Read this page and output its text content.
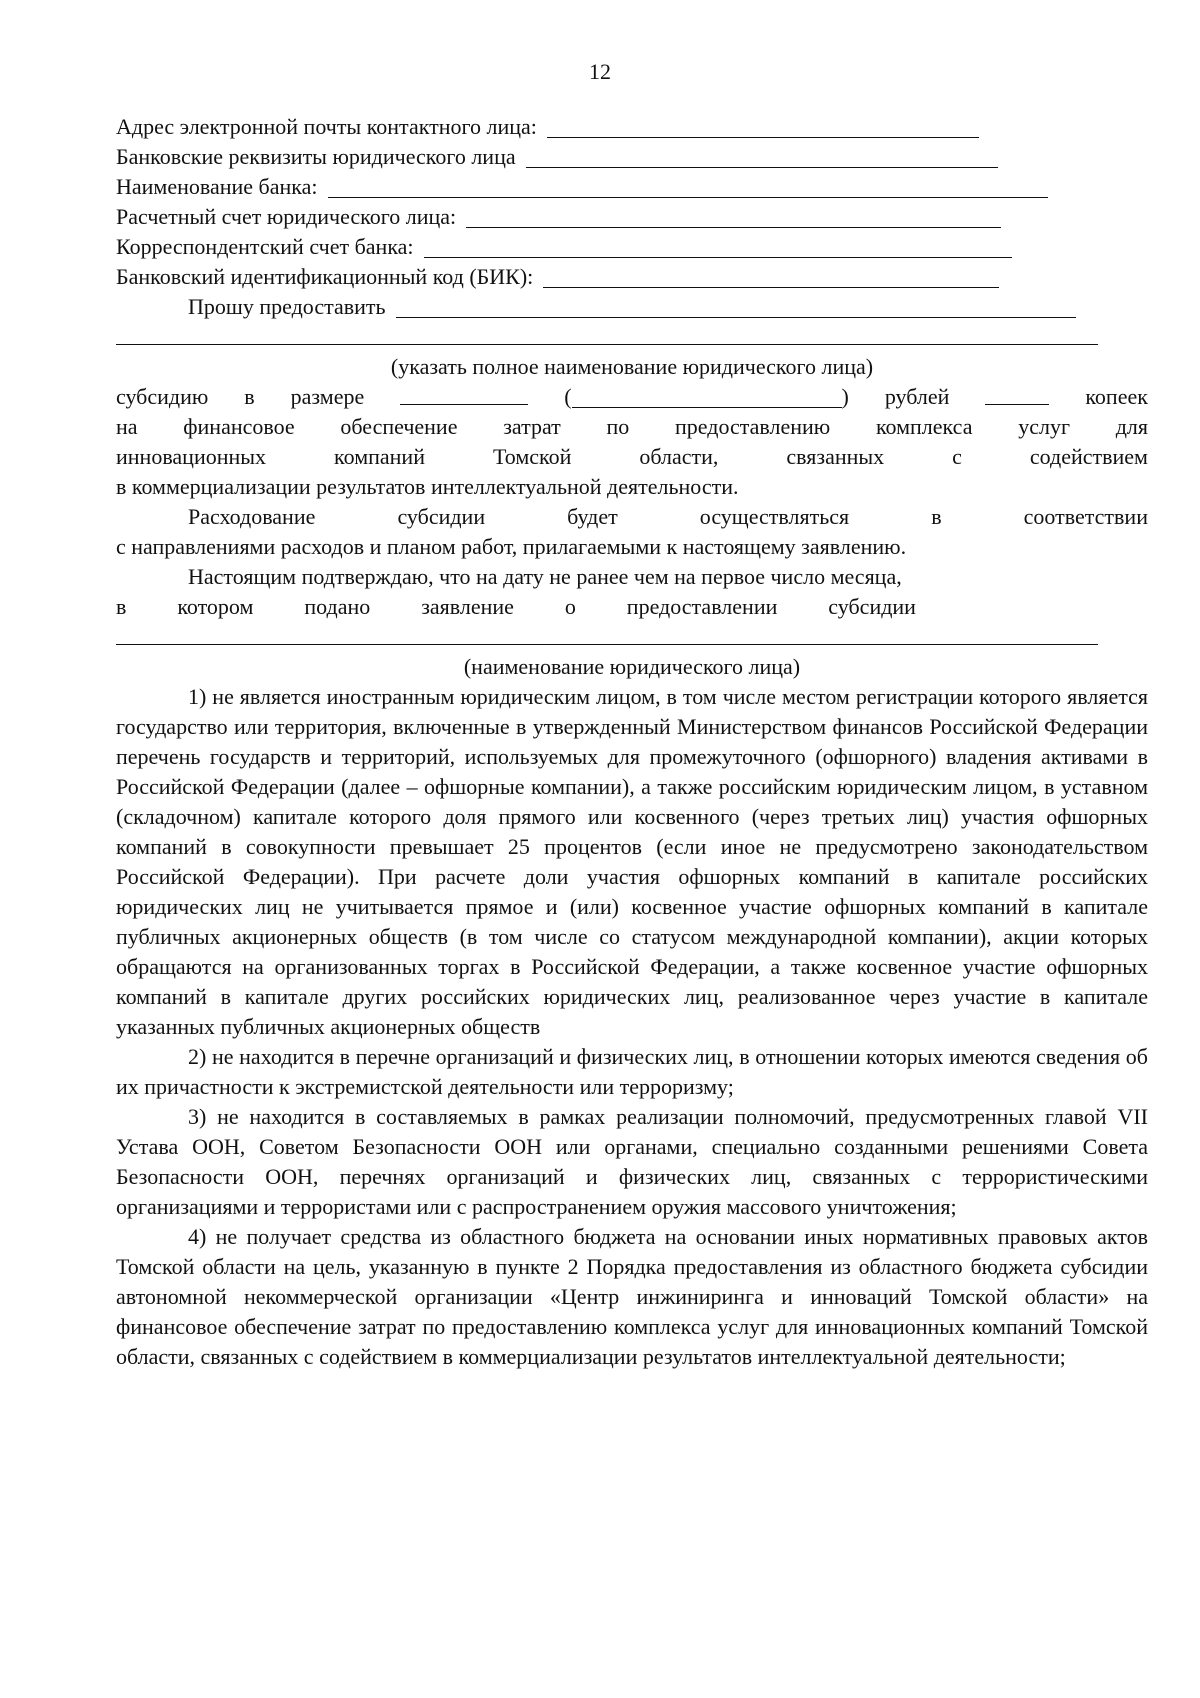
12
Адрес электронной почты контактного лица:
Банковские реквизиты юридического лица
Наименование банка:
Расчетный счет юридического лица:
Корреспондентский счет банка:
Банковский идентификационный код (БИК):
Прошу предоставить
(указать полное наименование юридического лица)
субсидию в размере	(	) рублей	копеек
на финансовое обеспечение затрат по предоставлению комплекса услуг для
инновационных	компаний	Томской	области,	связанных	с	содействием
в коммерциализации результатов интеллектуальной деятельности.
Расходование	субсидии	будет	осуществляться	в	соответствии
с направлениями расходов и планом работ, прилагаемыми к настоящему заявлению.
Настоящим подтверждаю, что на дату не ранее чем на первое число месяца,
в котором подано заявление о предоставлении субсидии
(наименование юридического лица)

1) не является иностранным юридическим лицом, в том числе местом регистрации которого является государство или территория, включенные в утвержденный Министерством финансов Российской Федерации перечень государств и территорий, используемых для промежуточного (офшорного) владения активами в Российской Федерации (далее – офшорные компании), а также российским юридическим лицом, в уставном (складочном) капитале которого доля прямого или косвенного (через третьих лиц) участия офшорных компаний в совокупности превышает 25 процентов (если иное не предусмотрено законодательством Российской Федерации). При расчете доли участия офшорных компаний в капитале российских юридических лиц не учитывается прямое и (или) косвенное участие офшорных компаний в капитале публичных акционерных обществ (в том числе со статусом международной компании), акции которых обращаются на организованных торгах в Российской Федерации, а также косвенное участие офшорных компаний в капитале других российских юридических лиц, реализованное через участие в капитале указанных публичных акционерных обществ

2) не находится в перечне организаций и физических лиц, в отношении которых имеются сведения об их причастности к экстремистской деятельности или терроризму;

3) не находится в составляемых в рамках реализации полномочий, предусмотренных главой VII Устава ООН, Советом Безопасности ООН или органами, специально созданными решениями Совета Безопасности ООН, перечнях организаций и физических лиц, связанных с террористическими организациями и террористами или с распространением оружия массового уничтожения;

4) не получает средства из областного бюджета на основании иных нормативных правовых актов Томской области на цель, указанную в пункте 2 Порядка предоставления из областного бюджета субсидии автономной некоммерческой организации «Центр инжиниринга и инноваций Томской области» на финансовое обеспечение затрат по предоставлению комплекса услуг для инновационных компаний Томской области, связанных с содействием в коммерциализации результатов интеллектуальной деятельности;
